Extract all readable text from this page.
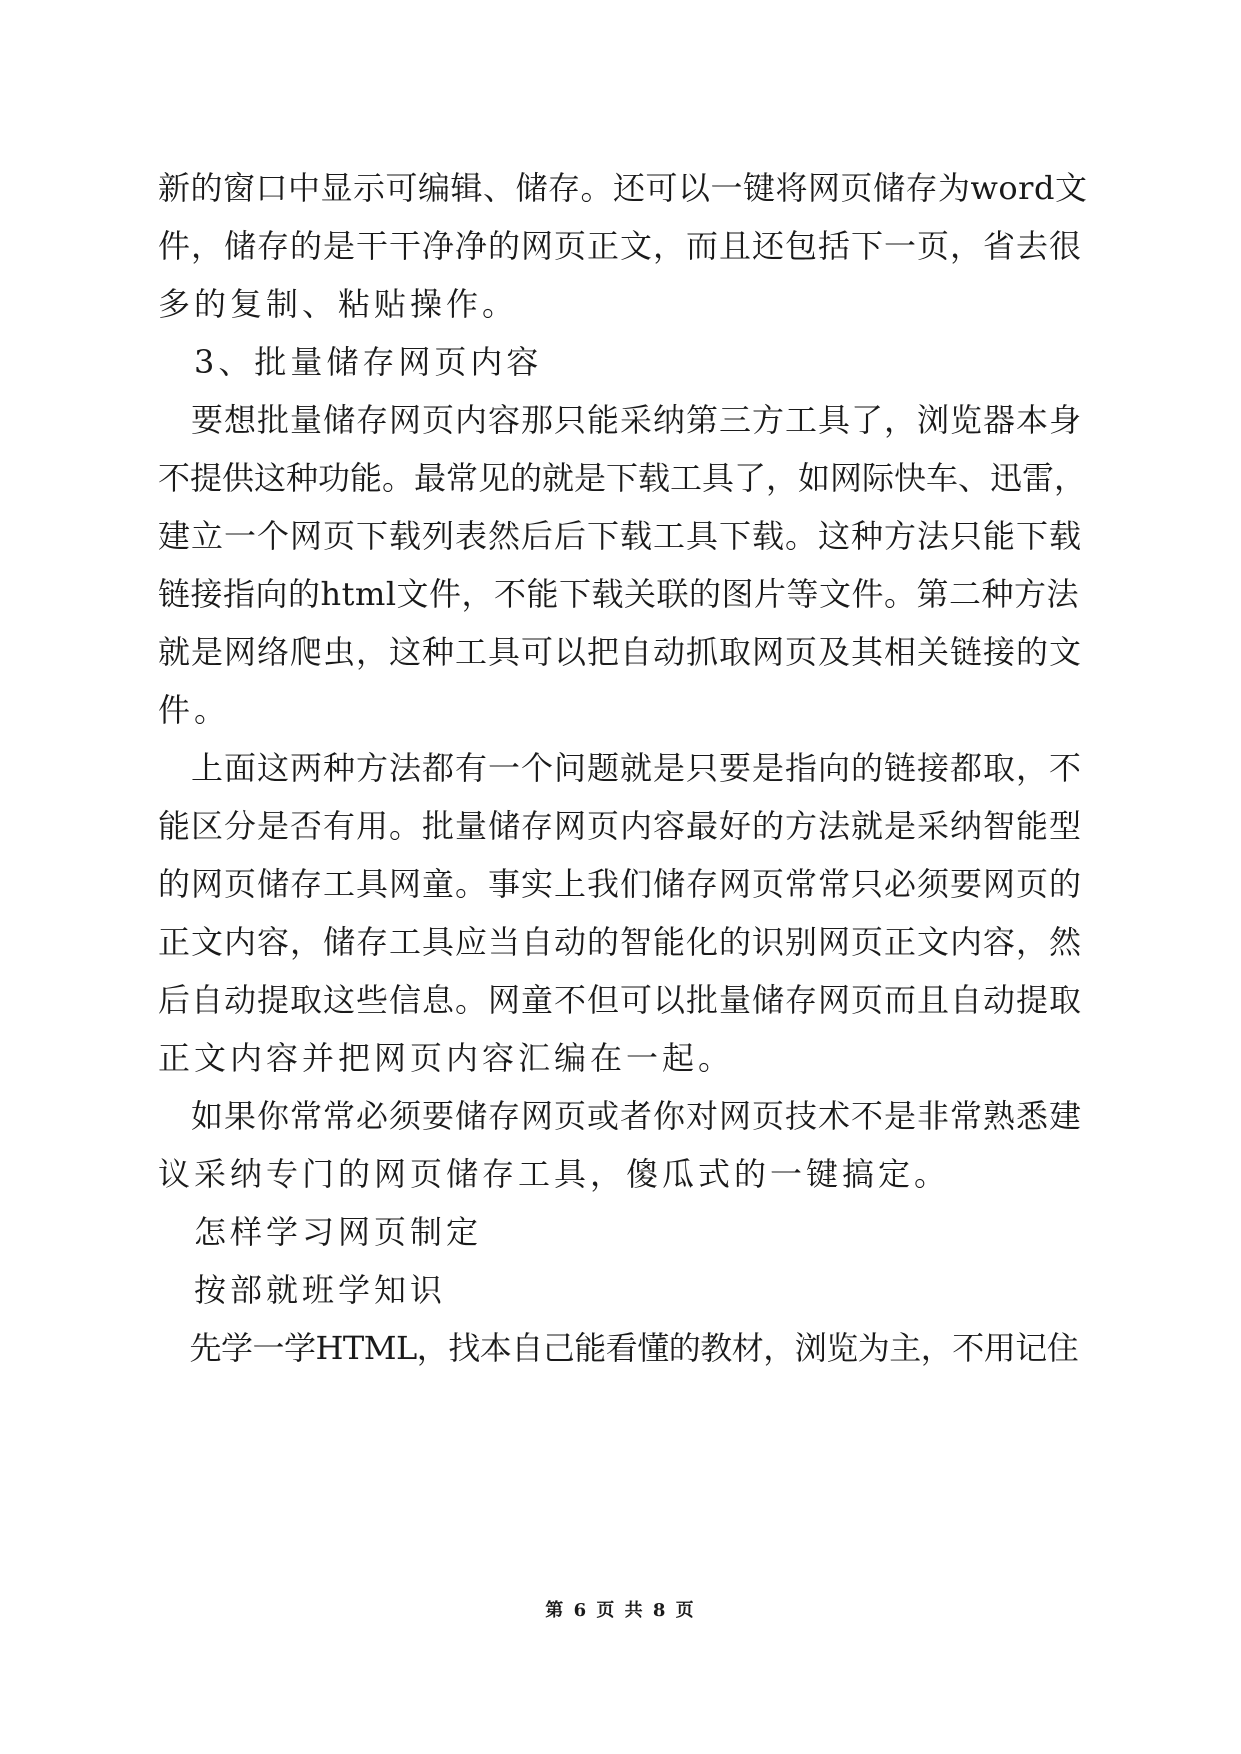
新的窗口中显示可编辑、储存。还可以一键将网页储存为word文
件，储存的是干干净净的网页正文，而且还包括下一页，省去很
多的复制、粘贴操作。
　3、批量储存网页内容
　要想批量储存网页内容那只能采纳第三方工具了，浏览器本身
不提供这种功能。最常见的就是下载工具了，如网际快车、迅雷，
建立一个网页下载列表然后后下载工具下载。这种方法只能下载
链接指向的html文件，不能下载关联的图片等文件。第二种方法
就是网络爬虫，这种工具可以把自动抓取网页及其相关链接的文
件。
　上面这两种方法都有一个问题就是只要是指向的链接都取，不
能区分是否有用。批量储存网页内容最好的方法就是采纳智能型
的网页储存工具网童。事实上我们储存网页常常只必须要网页的
正文内容，储存工具应当自动的智能化的识别网页正文内容，然
后自动提取这些信息。网童不但可以批量储存网页而且自动提取
正文内容并把网页内容汇编在一起。
　如果你常常必须要储存网页或者你对网页技术不是非常熟悉建
议采纳专门的网页储存工具，傻瓜式的一键搞定。
　怎样学习网页制定
　按部就班学知识
　先学一学HTML，找本自己能看懂的教材，浏览为主，不用记住
第 6 页 共 8 页
